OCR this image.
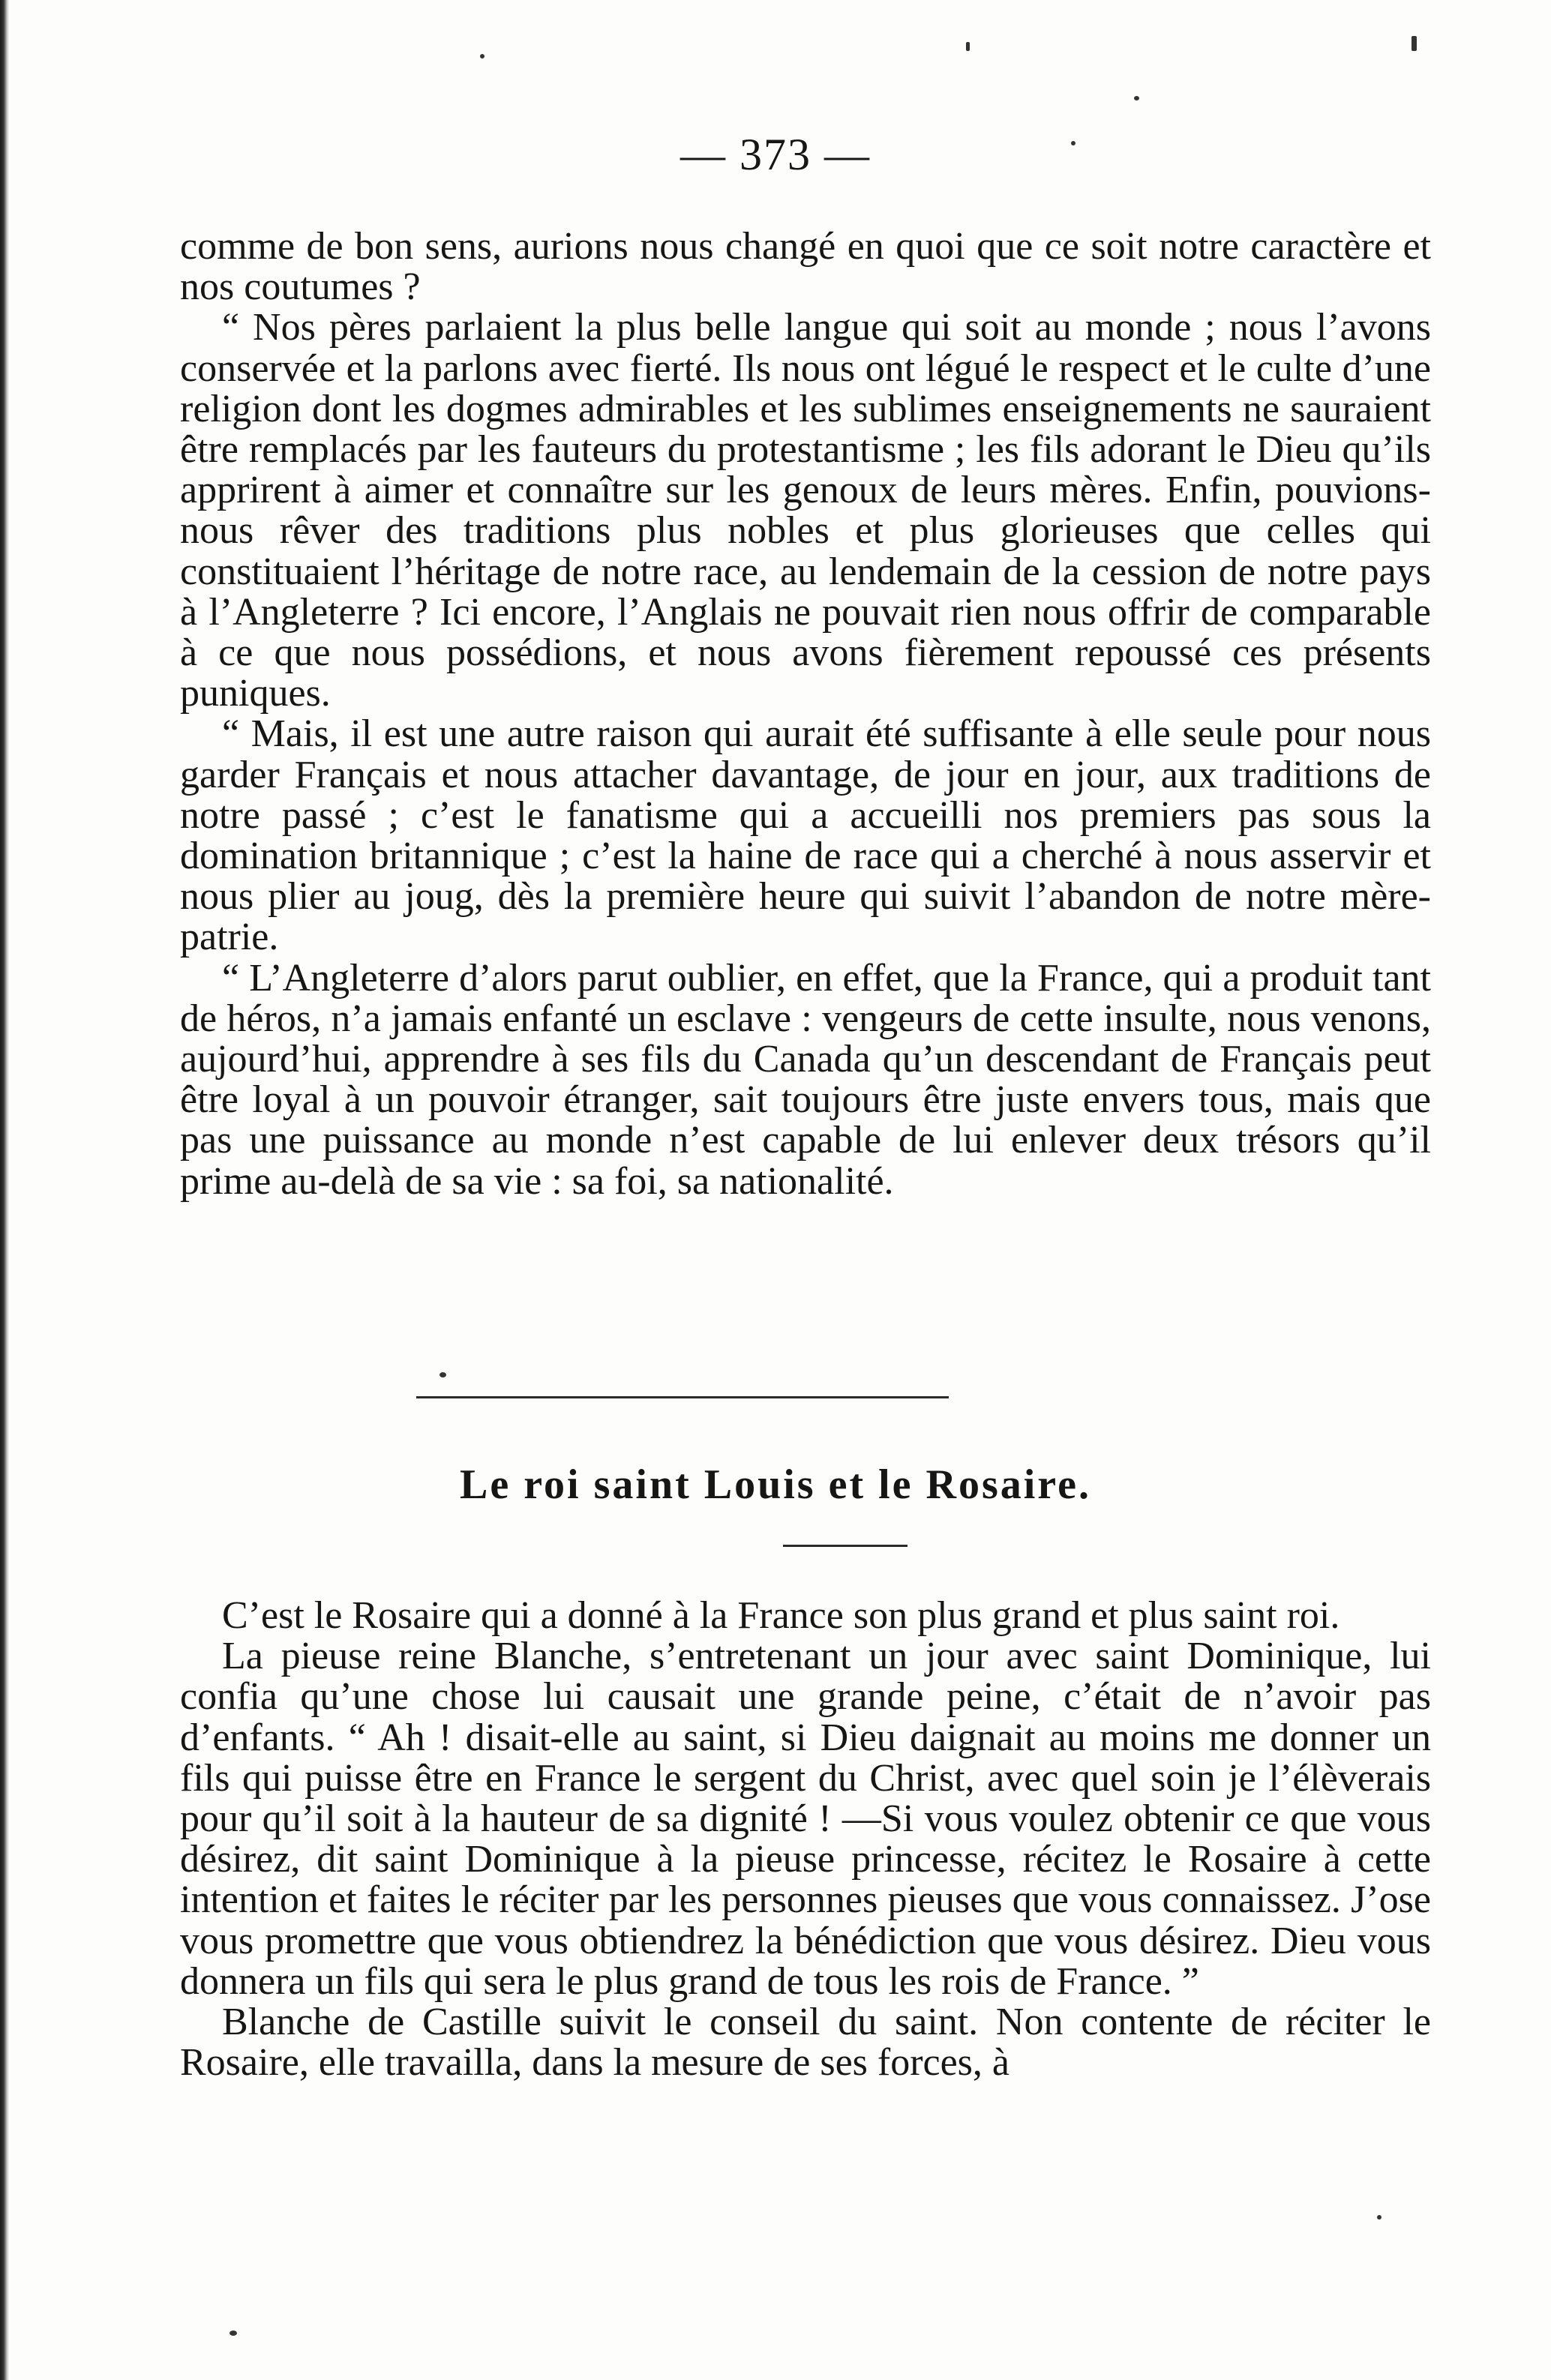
— 373 —

comme de bon sens, aurions nous changé en quoi que ce soit notre caractère et nos coutumes ?

“ Nos pères parlaient la plus belle langue qui soit au monde ; nous l’avons conservée et la parlons avec fierté. Ils nous ont légué le respect et le culte d’une religion dont les dogmes admirables et les sublimes enseignements ne sauraient être remplacés par les fauteurs du protestantisme ; les fils adorant le Dieu qu’ils apprirent à aimer et connaître sur les genoux de leurs mères. Enfin, pouvions-nous rêver des traditions plus nobles et plus glorieuses que celles qui constituaient l’héritage de notre race, au lendemain de la cession de notre pays à l’Angleterre ? Ici encore, l’Anglais ne pouvait rien nous offrir de comparable à ce que nous possédions, et nous avons fièrement repoussé ces présents puniques.

“ Mais, il est une autre raison qui aurait été suffisante à elle seule pour nous garder Français et nous attacher davantage, de jour en jour, aux traditions de notre passé ; c’est le fanatisme qui a accueilli nos premiers pas sous la domination britannique ; c’est la haine de race qui a cherché à nous asservir et nous plier au joug, dès la première heure qui suivit l’abandon de notre mère-patrie.

“ L’Angleterre d’alors parut oublier, en effet, que la France, qui a produit tant de héros, n’a jamais enfanté un esclave : vengeurs de cette insulte, nous venons, aujourd’hui, apprendre à ses fils du Canada qu’un descendant de Français peut être loyal à un pouvoir étranger, sait toujours être juste envers tous, mais que pas une puissance au monde n’est capable de lui enlever deux trésors qu’il prime au-delà de sa vie : sa foi, sa nationalité.

Le roi saint Louis et le Rosaire.

C’est le Rosaire qui a donné à la France son plus grand et plus saint roi.

La pieuse reine Blanche, s’entretenant un jour avec saint Dominique, lui confia qu’une chose lui causait une grande peine, c’était de n’avoir pas d’enfants. “ Ah ! disait-elle au saint, si Dieu daignait au moins me donner un fils qui puisse être en France le sergent du Christ, avec quel soin je l’élèverais pour qu’il soit à la hauteur de sa dignité ! —Si vous voulez obtenir ce que vous désirez, dit saint Dominique à la pieuse princesse, récitez le Rosaire à cette intention et faites le réciter par les personnes pieuses que vous connaissez. J’ose vous promettre que vous obtiendrez la bénédiction que vous désirez. Dieu vous donnera un fils qui sera le plus grand de tous les rois de France. ”

Blanche de Castille suivit le conseil du saint. Non contente de réciter le Rosaire, elle travailla, dans la mesure de ses forces, à
